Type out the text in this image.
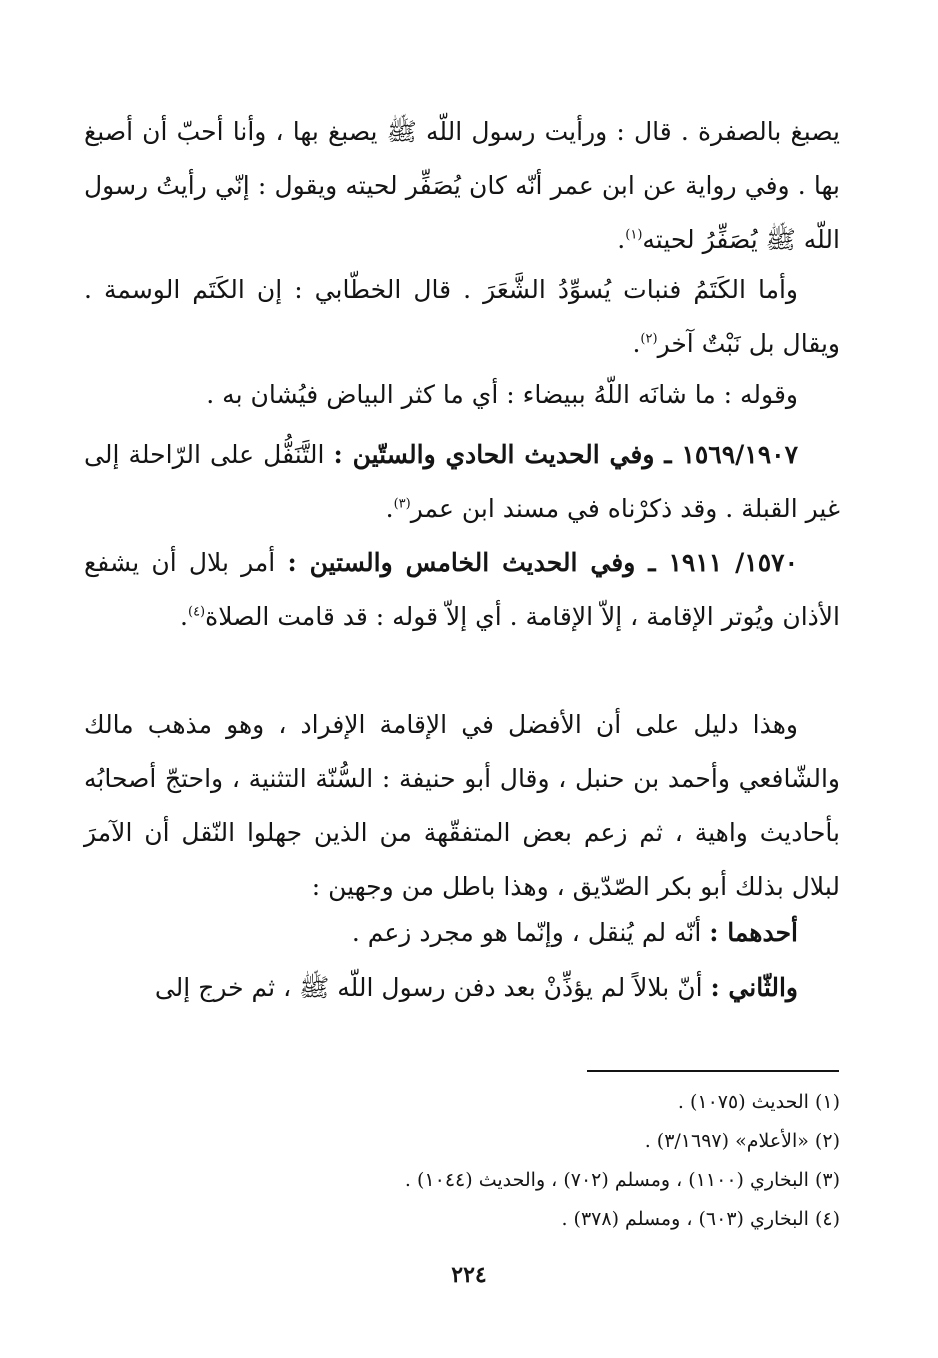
يصبغ بالصفرة . قال : ورأيت رسول اللّه ﷺ يصبغ بها ، وأنا أحبّ أن أصبغ بها . وفي رواية عن ابن عمر أنّه كان يُصَفِّر لحيته ويقول : إنّي رأيتُ رسول اللّه ﷺ يُصَفِّرُ لحيته$^{(١)}$.

وأما الكَتَمُ فنبات يُسوِّدُ الشَّعَرَ . قال الخطّابي : إن الكَتَم الوسمة . ويقال بل نَبْتٌ آخر$^{(٢)}$.

وقوله : ما شانَه اللّهُ ببيضاء : أي ما كثر البياض فيُشان به .

١٥٦٩/١٩٠٧ ـ وفي الحديث الحادي والستّين : التَّنَفُّل على الرّاحلة إلى غير القبلة . وقد ذكرْناه في مسند ابن عمر$^{(٣)}$.

١٥٧٠/ ١٩١١ ـ وفي الحديث الخامس والستين : أمر بلال أن يشفع الأذان ويُوتر الإقامة ، إلاّ الإقامة . أي إلاّ قوله : قد قامت الصلاة$^{(٤)}$.

وهذا دليل على أن الأفضل في الإقامة الإفراد ، وهو مذهب مالك والشّافعي وأحمد بن حنبل ، وقال أبو حنيفة : السُّنّة التثنية ، واحتجّ أصحابُه بأحاديث واهية ، ثم زعم بعض المتفقّهة من الذين جهلوا النّقل أن الآمرَ لبلال بذلك أبو بكر الصّدّيق ، وهذا باطل من وجهين :

أحدهما : أنّه لم يُنقل ، وإنّما هو مجرد زعم .

والثّاني : أنّ بلالاً لم يؤذِّنْ بعد دفن رسول اللّه ﷺ ، ثم خرج إلى

(١) الحديث (١٠٧٥) .

(٢) «الأعلام» (٣/١٦٩٧) .

(٣) البخاري (١١٠٠) ، ومسلم (٧٠٢) ، والحديث (١٠٤٤) .

(٤) البخاري (٦٠٣) ، ومسلم (٣٧٨) .

٢٢٤
